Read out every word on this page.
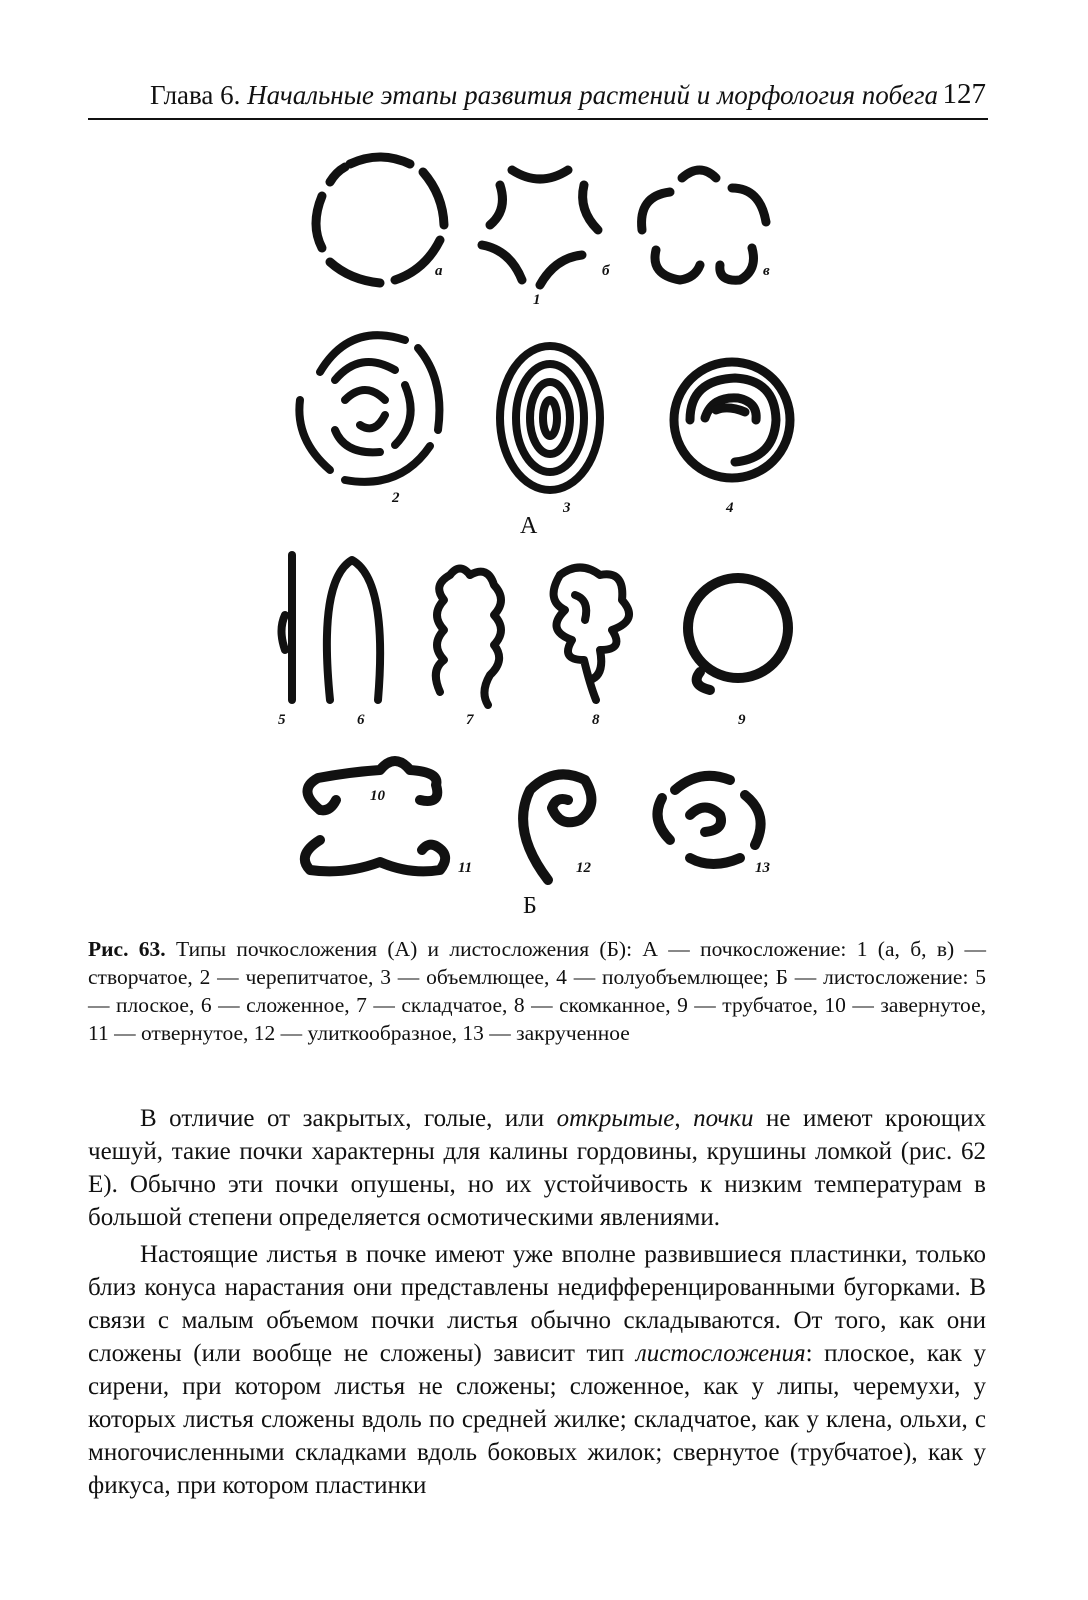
Глава 6. Начальные этапы развития растений и морфология побега 127
а	б	в
1
2
3	4
А
5	6	7	8	9
10
11	12	13
Б
Рис. 63. Типы почкосложения (А) и листосложения (Б): А — почкосложение: 1 (а, б, в) — створчатое, 2 — черепитчатое, 3 — объемлющее, 4 — полуобъемлющее; Б — листосложение: 5 — плоское, 6 — сложенное, 7 — складчатое, 8 — скомканное, 9 — трубчатое, 10 — завернутое, 11 — отвернутое, 12 — улиткообразное, 13 — закрученное

В отличие от закрытых, голые, или открытые, почки не имеют кроющих чешуй, такие почки характерны для калины гордовины, крушины ломкой (рис. 62 Е). Обычно эти почки опушены, но их устойчивость к низким температурам в большой степени определяется осмотическими явлениями.

Настоящие листья в почке имеют уже вполне развившиеся пластинки, только близ конуса нарастания они представлены недифференцированными бугорками. В связи с малым объемом почки листья обычно складываются. От того, как они сложены (или вообще не сложены) зависит тип листосложения: плоское, как у сирени, при котором листья не сложены; сложенное, как у липы, черемухи, у которых листья сложены вдоль по средней жилке; складчатое, как у клена, ольхи, с многочисленными складками вдоль боковых жилок; свернутое (трубчатое), как у фикуса, при котором пластинки
